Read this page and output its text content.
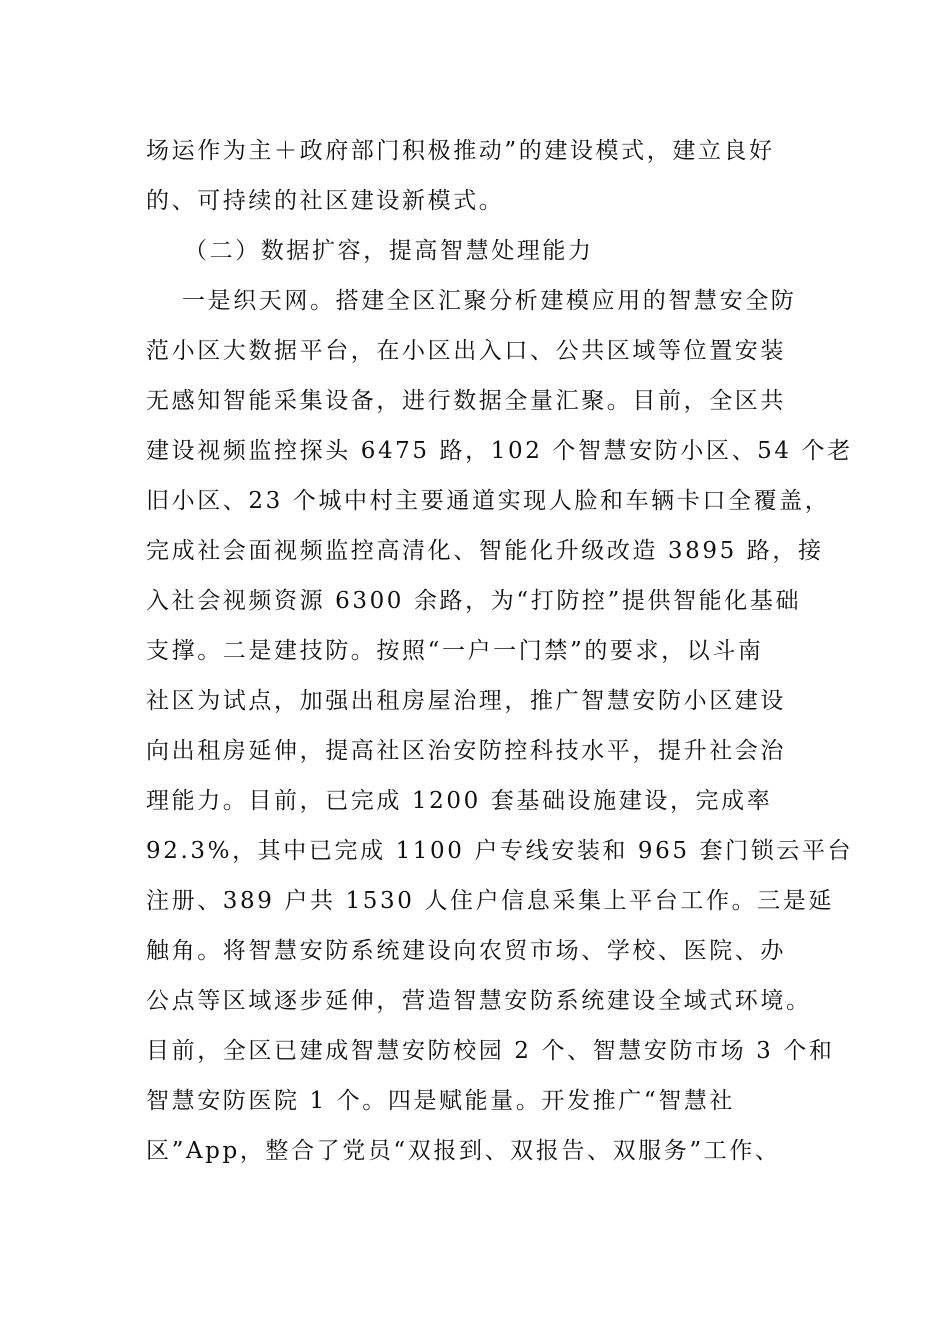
场运作为主＋政府部门积极推动”的建设模式，建立良好
的、可持续的社区建设新模式。
（二）数据扩容，提高智慧处理能力
一是织天网。搭建全区汇聚分析建模应用的智慧安全防
范小区大数据平台，在小区出入口、公共区域等位置安装
无感知智能采集设备，进行数据全量汇聚。目前，全区共
建设视频监控探头 6475 路，102 个智慧安防小区、54 个老
旧小区、23 个城中村主要通道实现人脸和车辆卡口全覆盖，
完成社会面视频监控高清化、智能化升级改造 3895 路，接
入社会视频资源 6300 余路，为“打防控”提供智能化基础
支撑。二是建技防。按照“一户一门禁”的要求，以斗南
社区为试点，加强出租房屋治理，推广智慧安防小区建设
向出租房延伸，提高社区治安防控科技水平，提升社会治
理能力。目前，已完成 1200 套基础设施建设，完成率
92.3%，其中已完成 1100 户专线安装和 965 套门锁云平台
注册、389 户共 1530 人住户信息采集上平台工作。三是延
触角。将智慧安防系统建设向农贸市场、学校、医院、办
公点等区域逐步延伸，营造智慧安防系统建设全域式环境。
目前，全区已建成智慧安防校园 2 个、智慧安防市场 3 个和
智慧安防医院 1 个。四是赋能量。开发推广“智慧社
区”App，整合了党员“双报到、双报告、双服务”工作、
